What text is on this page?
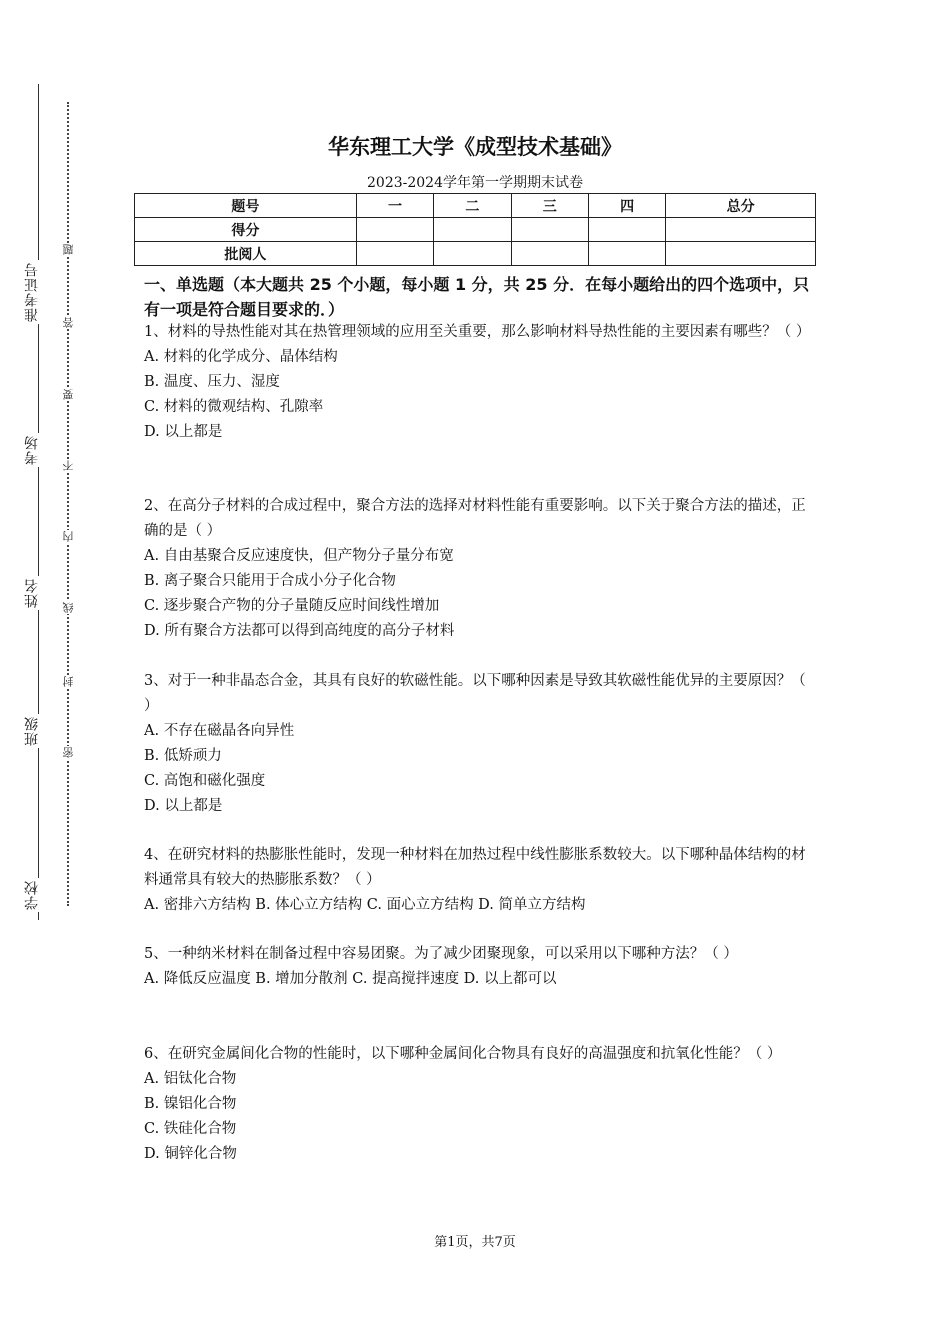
学校
班级
姓名
考场
准考证号
密
封
线
内
不
要
答
题
华东理工大学《成型技术基础》
2023-2024学年第一学期期末试卷
题号	一	二	三	四	总分
得分					
批阅人					
一、单选题（本大题共 25 个小题，每小题 1 分，共 25 分．在每小题给出的四个选项中，只有一项是符合题目要求的．）

1、材料的导热性能对其在热管理领域的应用至关重要，那么影响材料导热性能的主要因素有哪些？（ ）

A. 材料的化学成分、晶体结构

B. 温度、压力、湿度

C. 材料的微观结构、孔隙率

D. 以上都是

2、在高分子材料的合成过程中，聚合方法的选择对材料性能有重要影响。以下关于聚合方法的描述，正确的是（ ）

A. 自由基聚合反应速度快，但产物分子量分布宽

B. 离子聚合只能用于合成小分子化合物

C. 逐步聚合产物的分子量随反应时间线性增加

D. 所有聚合方法都可以得到高纯度的高分子材料

3、对于一种非晶态合金，其具有良好的软磁性能。以下哪种因素是导致其软磁性能优异的主要原因？（ ）

A. 不存在磁晶各向异性

B. 低矫顽力

C. 高饱和磁化强度

D. 以上都是

4、在研究材料的热膨胀性能时，发现一种材料在加热过程中线性膨胀系数较大。以下哪种晶体结构的材料通常具有较大的热膨胀系数？（ ）

A. 密排六方结构 B. 体心立方结构 C. 面心立方结构 D. 简单立方结构

5、一种纳米材料在制备过程中容易团聚。为了减少团聚现象，可以采用以下哪种方法？（ ）

A. 降低反应温度 B. 增加分散剂 C. 提高搅拌速度 D. 以上都可以

6、在研究金属间化合物的性能时，以下哪种金属间化合物具有良好的高温强度和抗氧化性能？（ ）

A. 铝钛化合物

B. 镍铝化合物

C. 铁硅化合物

D. 铜锌化合物

第1页，共7页
